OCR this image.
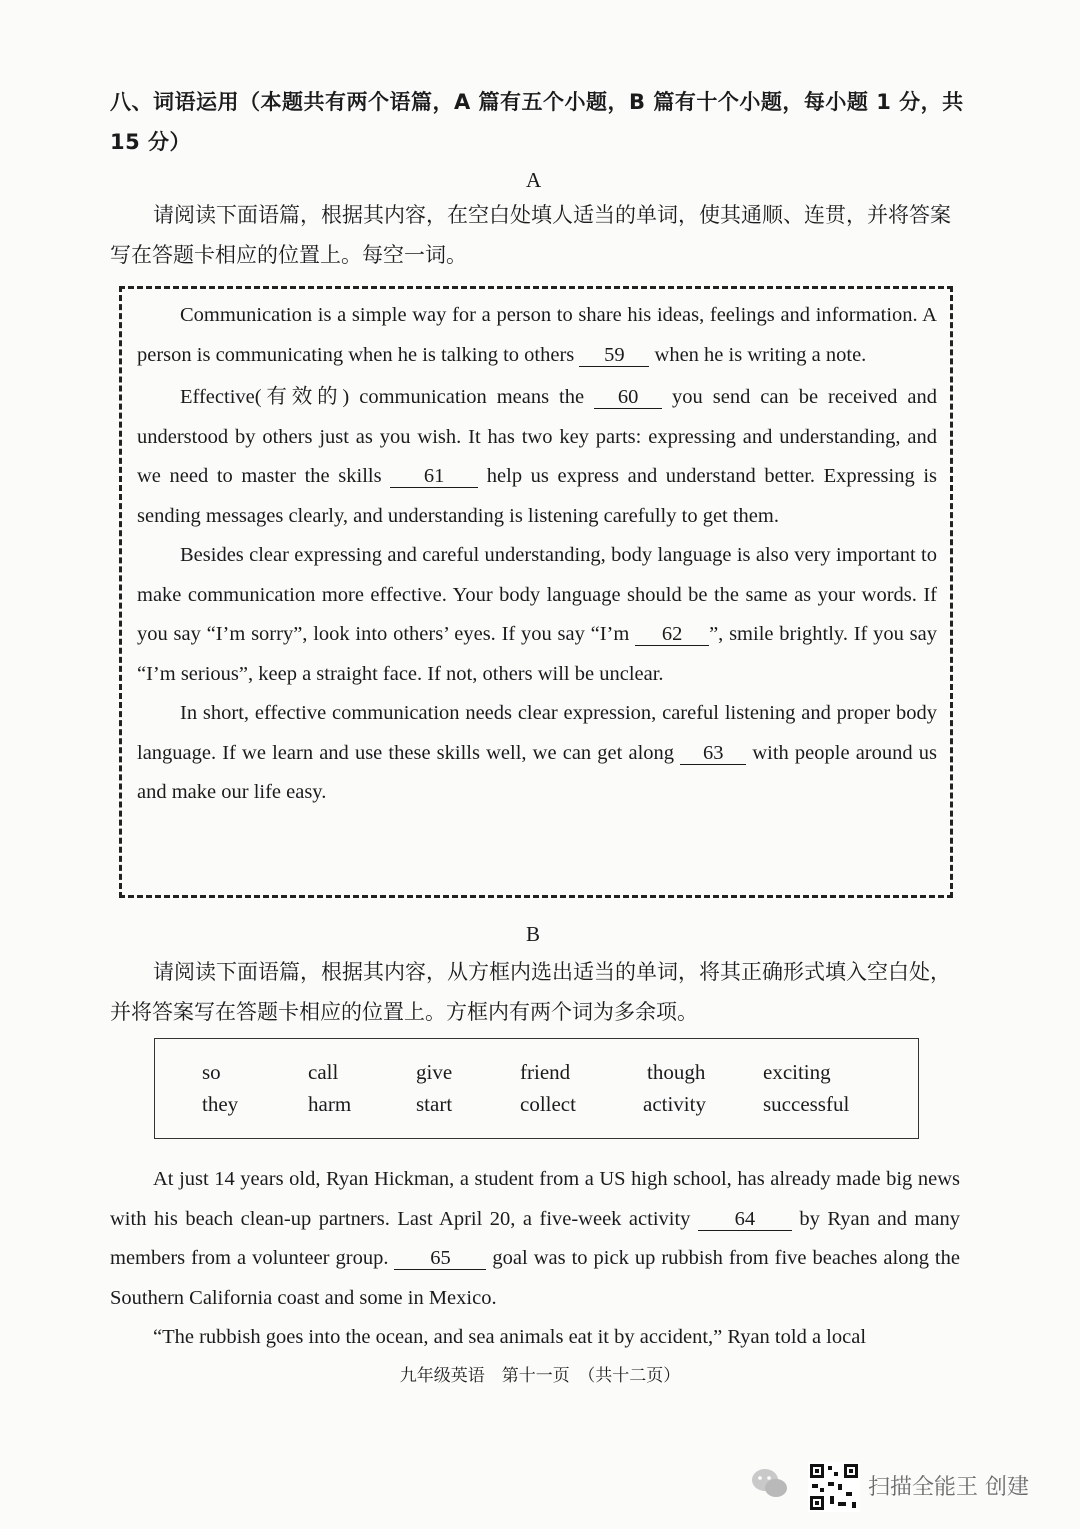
八、词语运用（本题共有两个语篇，A 篇有五个小题，B 篇有十个小题，每小题 1 分，共 15 分）
A
请阅读下面语篇，根据其内容，在空白处填人适当的单词，使其通顺、连贯，并将答案写在答题卡相应的位置上。每空一词。

Communication is a simple way for a person to share his ideas, feelings and information. A person is communicating when he is talking to others 59 when he is writing a note.

Effective(有效的) communication means the 60 you send can be received and understood by others just as you wish. It has two key parts: expressing and understanding, and we need to master the skills 61 help us express and understand better. Expressing is sending messages clearly, and understanding is listening carefully to get them.

Besides clear expressing and careful understanding, body language is also very important to make communication more effective. Your body language should be the same as your words. If you say “I’m sorry”, look into others’ eyes. If you say “I’m 62 ”, smile brightly. If you say “I’m serious”, keep a straight face. If not, others will be unclear.

In short, effective communication needs clear expression, careful listening and proper body language. If we learn and use these skills well, we can get along 63 with people around us and make our life easy.

B
请阅读下面语篇，根据其内容，从方框内选出适当的单词，将其正确形式填入空白处，并将答案写在答题卡相应的位置上。方框内有两个词为多余项。
so	call	give	friend	though	exciting
they	harm	start	collect	activity	successful

At just 14 years old, Ryan Hickman, a student from a US high school, has already made big news with his beach clean-up partners. Last April 20, a five-week activity 64 by Ryan and many members from a volunteer group. 65 goal was to pick up rubbish from five beaches along the Southern California coast and some in Mexico.

“The rubbish goes into the ocean, and sea animals eat it by accident,” Ryan told a local

九年级英语　第十一页　（共十二页）
扫描全能王 创建
